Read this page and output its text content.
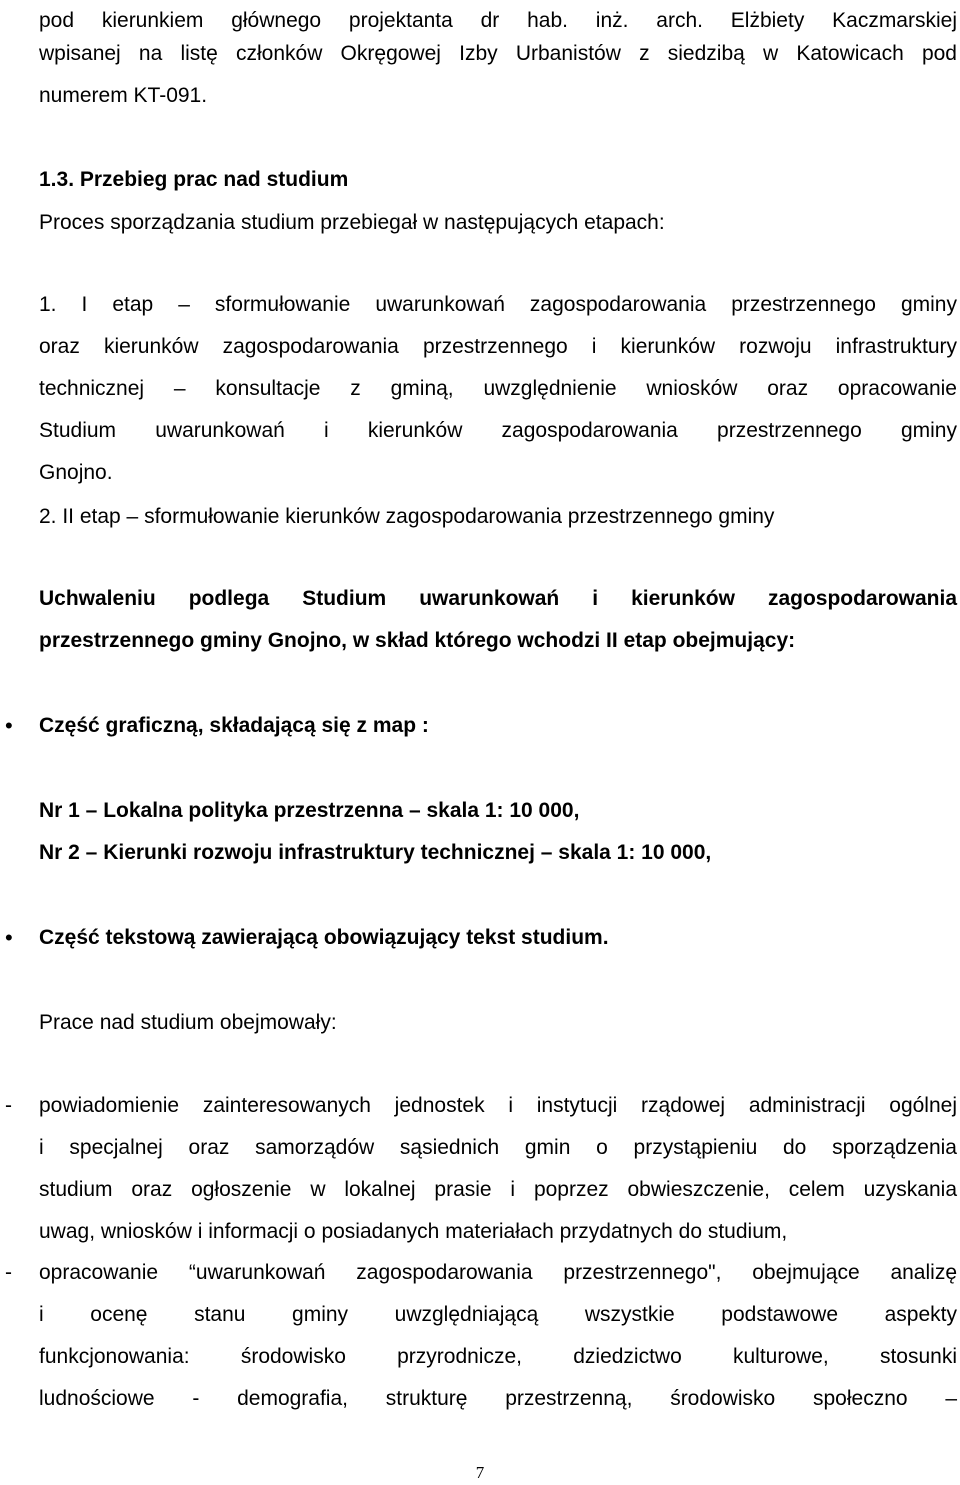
pod kierunkiem głównego projektanta dr hab. inż. arch. Elżbiety Kaczmarskiej

wpisanej na listę członków Okręgowej Izby Urbanistów z siedzibą w Katowicach pod

numerem KT-091.

1.3. Przebieg prac nad studium

Proces sporządzania studium przebiegał w następujących etapach:

1. I etap – sformułowanie uwarunkowań zagospodarowania przestrzennego gminy

oraz kierunków zagospodarowania przestrzennego i kierunków rozwoju infrastruktury

technicznej – konsultacje z gminą, uwzględnienie wniosków oraz opracowanie

Studium uwarunkowań i kierunków zagospodarowania przestrzennego gminy

Gnojno.

2. II etap – sformułowanie kierunków zagospodarowania przestrzennego gminy

Uchwaleniu podlega Studium uwarunkowań i kierunków zagospodarowania

przestrzennego gminy Gnojno, w skład którego wchodzi II etap obejmujący:

• Część graficzną, składającą się z map :

Nr 1 – Lokalna polityka przestrzenna – skala 1: 10 000,

Nr 2 – Kierunki rozwoju infrastruktury technicznej – skala 1: 10 000,

• Część tekstową zawierającą obowiązujący tekst studium.

Prace nad studium obejmowały:

- powiadomienie zainteresowanych jednostek i instytucji rządowej administracji ogólnej

i specjalnej oraz samorządów sąsiednich gmin o przystąpieniu do sporządzenia

studium oraz ogłoszenie w lokalnej prasie i poprzez obwieszczenie, celem uzyskania

uwag, wniosków i informacji o posiadanych materiałach przydatnych do studium,

- opracowanie “uwarunkowań zagospodarowania przestrzennego", obejmujące analizę

i ocenę stanu gminy uwzględniającą wszystkie podstawowe aspekty

funkcjonowania: środowisko przyrodnicze, dziedzictwo kulturowe, stosunki

ludnościowe - demografia, strukturę przestrzenną, środowisko społeczno –

7
